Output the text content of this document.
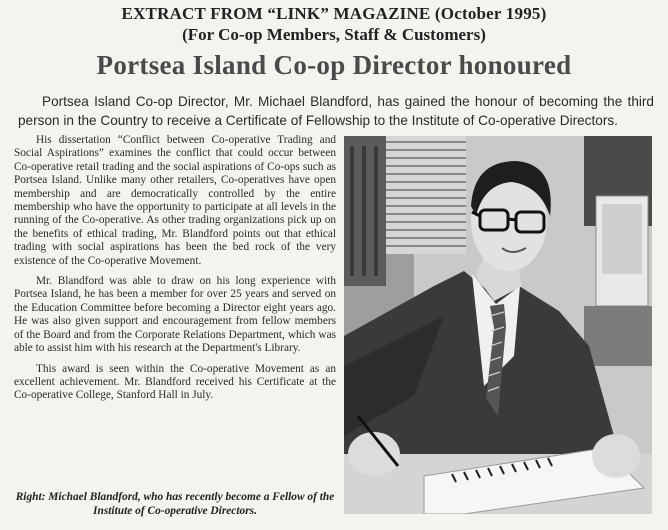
EXTRACT FROM “LINK” MAGAZINE (October 1995)
(For Co-op Members, Staff & Customers)
Portsea Island Co-op Director honoured
Portsea Island Co-op Director, Mr. Michael Blandford, has gained the honour of becoming the third person in the Country to receive a Certificate of Fellowship to the Institute of Co-operative Directors.

His dissertation “Conflict between Co-operative Trading and Social Aspirations” examines the conflict that could occur between Co-operative retail trading and the social aspirations of Co-ops such as Portsea Island. Unlike many other retailers, Co-operatives have open membership and are democratically controlled by the entire membership who have the opportunity to participate at all levels in the running of the Co-operative. As other trading organizations pick up on the benefits of ethical trading, Mr. Blandford points out that ethical trading with social aspirations has been the bed rock of the very existence of the Co-operative Movement.

Mr. Blandford was able to draw on his long experience with Portsea Island, he has been a member for over 25 years and served on the Education Committee before becoming a Director eight years ago. He was also given support and encouragement from fellow members of the Board and from the Corporate Relations Department, which was able to assist him with his research at the Department's Library.

This award is seen within the Co-operative Movement as an excellent achievement. Mr. Blandford received his Certificate at the Co-operative College, Stanford Hall in July.

Right: Michael Blandford, who has recently become a Fellow of the Institute of Co-operative Directors.
